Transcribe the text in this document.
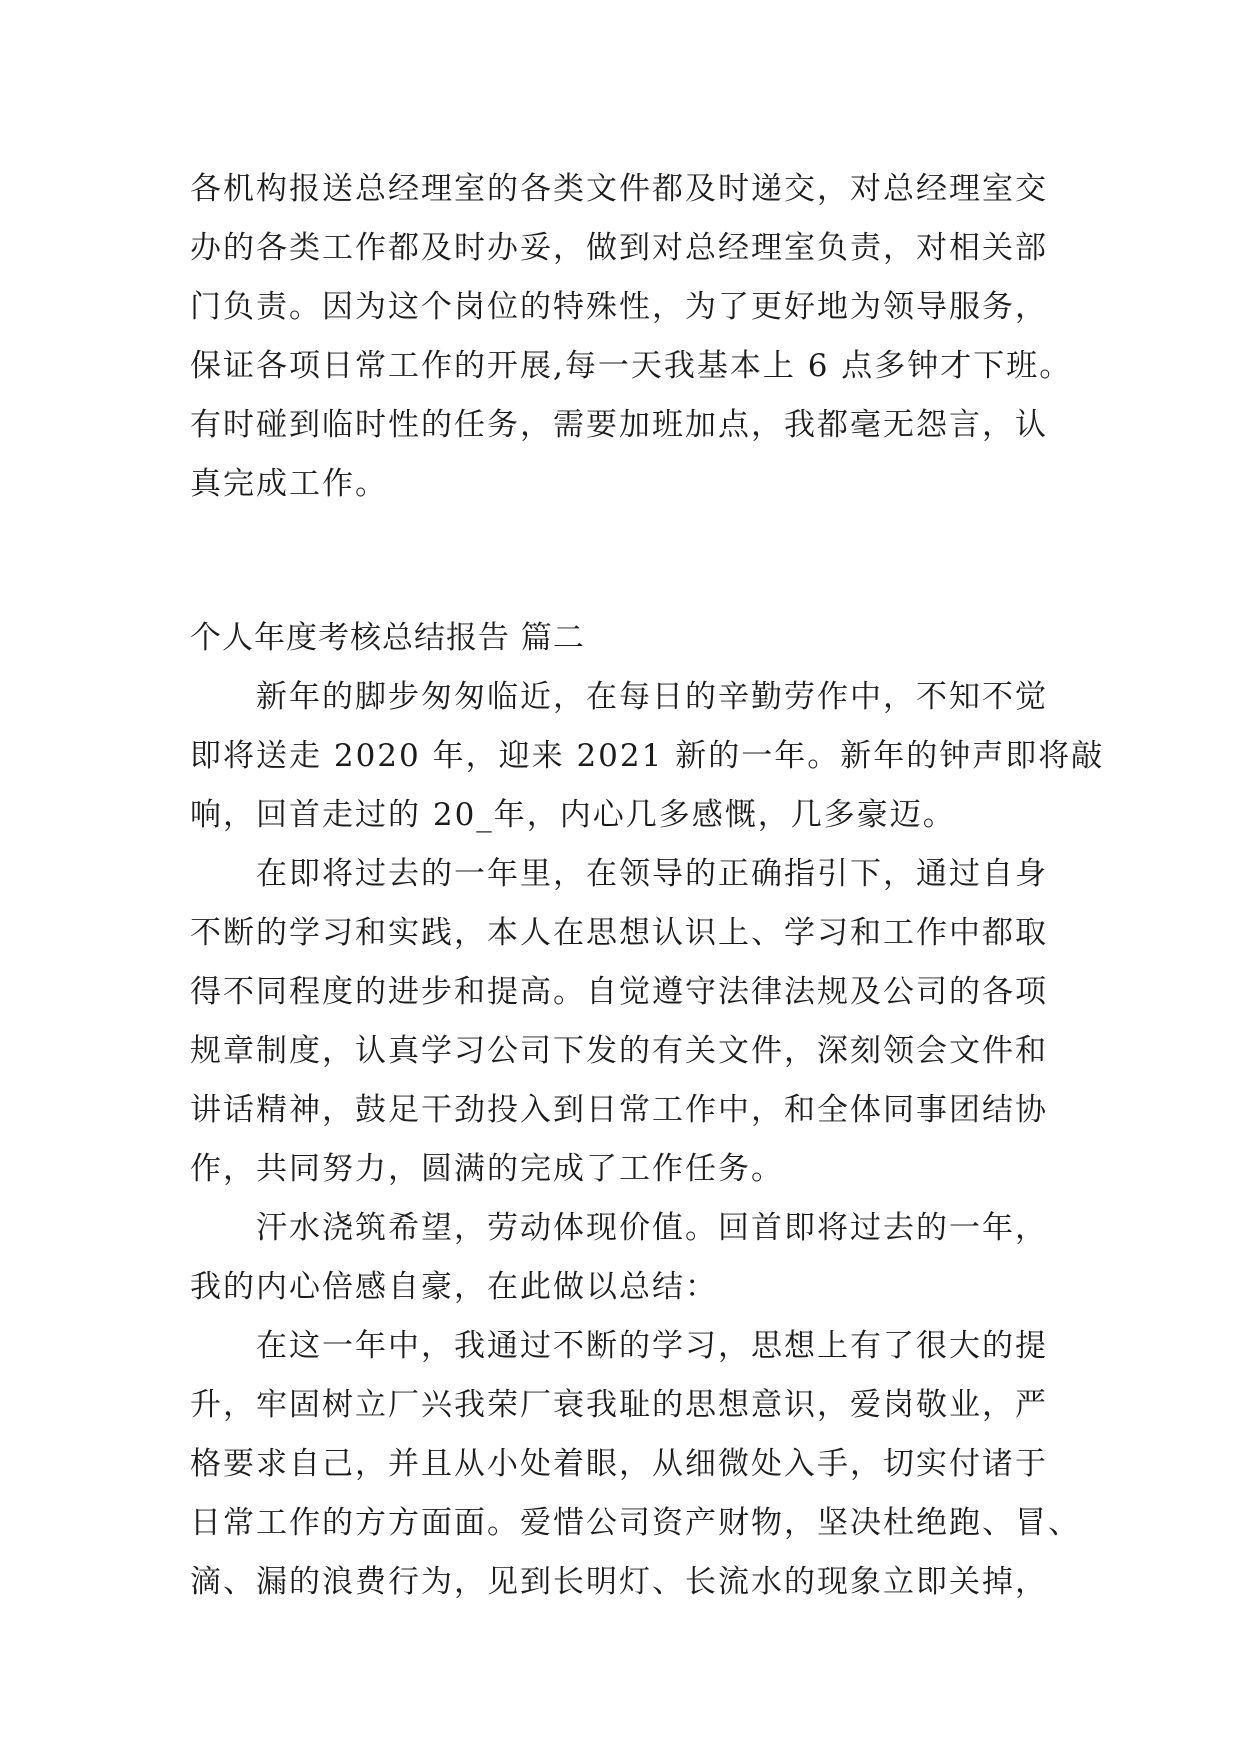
各机构报送总经理室的各类文件都及时递交，对总经理室交
办的各类工作都及时办妥，做到对总经理室负责，对相关部
门负责。因为这个岗位的特殊性，为了更好地为领导服务，
保证各项日常工作的开展,每一天我基本上 6 点多钟才下班。
有时碰到临时性的任务，需要加班加点，我都毫无怨言，认
真完成工作。
个人年度考核总结报告 篇二
新年的脚步匆匆临近，在每日的辛勤劳作中，不知不觉
即将送走 2020 年，迎来 2021 新的一年。新年的钟声即将敲
响，回首走过的 20_年，内心几多感慨，几多豪迈。
在即将过去的一年里，在领导的正确指引下，通过自身
不断的学习和实践，本人在思想认识上、学习和工作中都取
得不同程度的进步和提高。自觉遵守法律法规及公司的各项
规章制度，认真学习公司下发的有关文件，深刻领会文件和
讲话精神，鼓足干劲投入到日常工作中，和全体同事团结协
作，共同努力，圆满的完成了工作任务。
汗水浇筑希望，劳动体现价值。回首即将过去的一年，
我的内心倍感自豪，在此做以总结：
在这一年中，我通过不断的学习，思想上有了很大的提
升，牢固树立厂兴我荣厂衰我耻的思想意识，爱岗敬业，严
格要求自己，并且从小处着眼，从细微处入手，切实付诸于
日常工作的方方面面。爱惜公司资产财物，坚决杜绝跑、冒、
滴、漏的浪费行为，见到长明灯、长流水的现象立即关掉，
